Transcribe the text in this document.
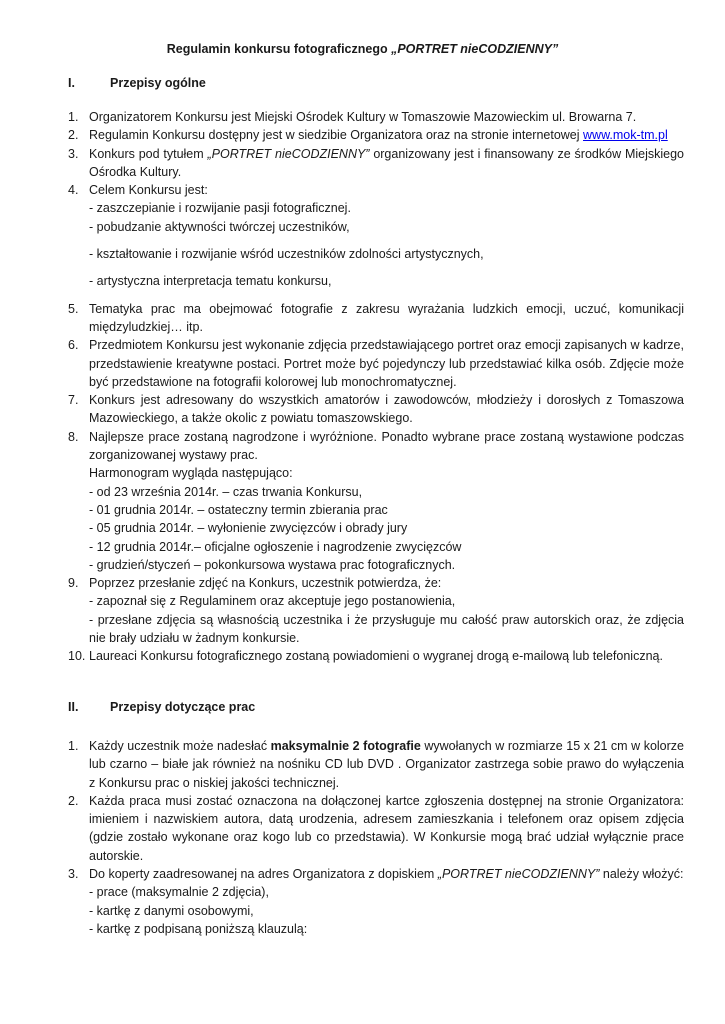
Regulamin konkursu fotograficznego „PORTRET nieCODZIENNY”
I.	Przepisy ogólne
1. Organizatorem Konkursu jest Miejski Ośrodek Kultury w Tomaszowie Mazowieckim ul. Browarna 7.
2. Regulamin Konkursu dostępny jest w siedzibie Organizatora oraz na stronie internetowej www.mok-tm.pl
3. Konkurs pod tytułem „PORTRET nieCODZIENNY” organizowany jest i finansowany ze środków Miejskiego Ośrodka Kultury.
4. Celem Konkursu jest:
- zaszczepianie i rozwijanie pasji fotograficznej.
- pobudzanie aktywności twórczej uczestników,
- kształtowanie i rozwijanie wśród uczestników zdolności artystycznych,
- artystyczna interpretacja tematu konkursu,
5. Tematyka prac ma obejmować fotografie z zakresu wyrażania ludzkich emocji, uczuć, komunikacji międzyludzkiej… itp.
6. Przedmiotem Konkursu jest wykonanie zdjęcia przedstawiającego portret oraz emocji zapisanych w kadrze, przedstawienie kreatywne postaci. Portret może być pojedynczy lub przedstawiać kilka osób. Zdjęcie może być przedstawione na fotografii kolorowej lub monochromatycznej.
7. Konkurs jest adresowany do wszystkich amatorów i zawodowców, młodzieży i dorosłych z Tomaszowa Mazowieckiego, a także okolic z powiatu tomaszowskiego.
8. Najlepsze prace zostaną nagrodzone i wyróżnione. Ponadto wybrane prace zostaną wystawione podczas zorganizowanej wystawy prac.
Harmonogram wygląda następująco:
- od 23 września 2014r. – czas trwania Konkursu,
- 01 grudnia 2014r. – ostateczny termin zbierania prac
- 05 grudnia 2014r. – wyłonienie zwycięzców i obrady jury
- 12 grudnia 2014r.– oficjalne ogłoszenie i nagrodzenie zwycięzców
- grudzień/styczeń – pokonkursowa wystawa prac fotograficznych.
9. Poprzez przesłanie zdjęć na Konkurs, uczestnik potwierdza, że:
- zapoznał się z Regulaminem oraz akceptuje jego postanowienia,
- przesłane zdjęcia są własnością uczestnika i że przysługuje mu całość praw autorskich oraz, że zdjęcia nie brały udziału w żadnym konkursie.
10. Laureaci Konkursu fotograficznego zostaną powiadomieni o wygranej drogą e-mailową lub telefoniczną.
II.	Przepisy dotyczące prac
1. Każdy uczestnik może nadesłać maksymalnie 2 fotografie wywołanych w rozmiarze 15 x 21 cm w kolorze lub czarno – białe jak również na nośniku CD lub DVD . Organizator zastrzega sobie prawo do wyłączenia z Konkursu prac o niskiej jakości technicznej.
2. Każda praca musi zostać oznaczona na dołączonej kartce zgłoszenia dostępnej na stronie Organizatora: imieniem i nazwiskiem autora, datą urodzenia, adresem zamieszkania i telefonem oraz opisem zdjęcia (gdzie zostało wykonane oraz kogo lub co przedstawia). W Konkursie mogą brać udział wyłącznie prace autorskie.
3. Do koperty zaadresowanej na adres Organizatora z dopiskiem „PORTRET nieCODZIENNY” należy włożyć:
- prace (maksymalnie 2 zdjęcia),
- kartkę z danymi osobowymi,
- kartkę z podpisaną poniższą klauzulą:
